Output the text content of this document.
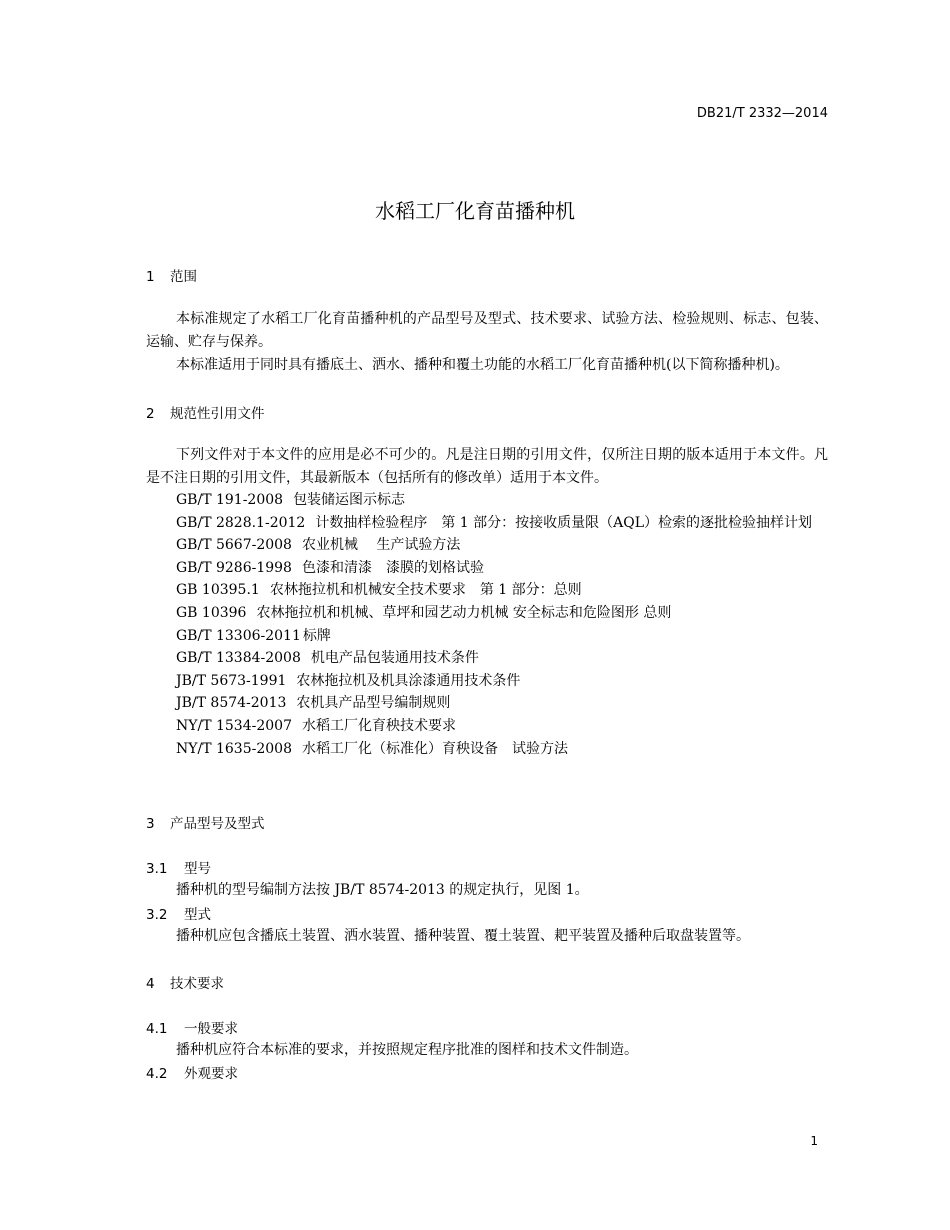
DB21/T 2332—2014
水稻工厂化育苗播种机
1 范围
本标准规定了水稻工厂化育苗播种机的产品型号及型式、技术要求、试验方法、检验规则、标志、包装、运输、贮存与保养。
本标准适用于同时具有播底土、洒水、播种和覆土功能的水稻工厂化育苗播种机(以下简称播种机)。
2 规范性引用文件
下列文件对于本文件的应用是必不可少的。凡是注日期的引用文件，仅所注日期的版本适用于本文件。凡是不注日期的引用文件，其最新版本（包括所有的修改单）适用于本文件。
GB/T 191-2008 包装储运图示标志
GB/T 2828.1-2012 计数抽样检验程序　第 1 部分：按接收质量限（AQL）检索的逐批检验抽样计划
GB/T 5667-2008 农业机械　 生产试验方法
GB/T 9286-1998 色漆和清漆　漆膜的划格试验
GB 10395.1 农林拖拉机和机械安全技术要求　第 1 部分：总则
GB 10396 农林拖拉机和机械、草坪和园艺动力机械 安全标志和危险图形 总则
GB/T 13306-2011 标牌
GB/T 13384-2008 机电产品包装通用技术条件
JB/T 5673-1991 农林拖拉机及机具涂漆通用技术条件
JB/T 8574-2013 农机具产品型号编制规则
NY/T 1534-2007 水稻工厂化育秧技术要求
NY/T 1635-2008 水稻工厂化（标准化）育秧设备　试验方法
3 产品型号及型式
3.1 型号
播种机的型号编制方法按 JB/T 8574-2013 的规定执行，见图 1。
3.2 型式
播种机应包含播底土装置、洒水装置、播种装置、覆土装置、耙平装置及播种后取盘装置等。
4 技术要求
4.1 一般要求
播种机应符合本标准的要求，并按照规定程序批准的图样和技术文件制造。
4.2 外观要求
1
